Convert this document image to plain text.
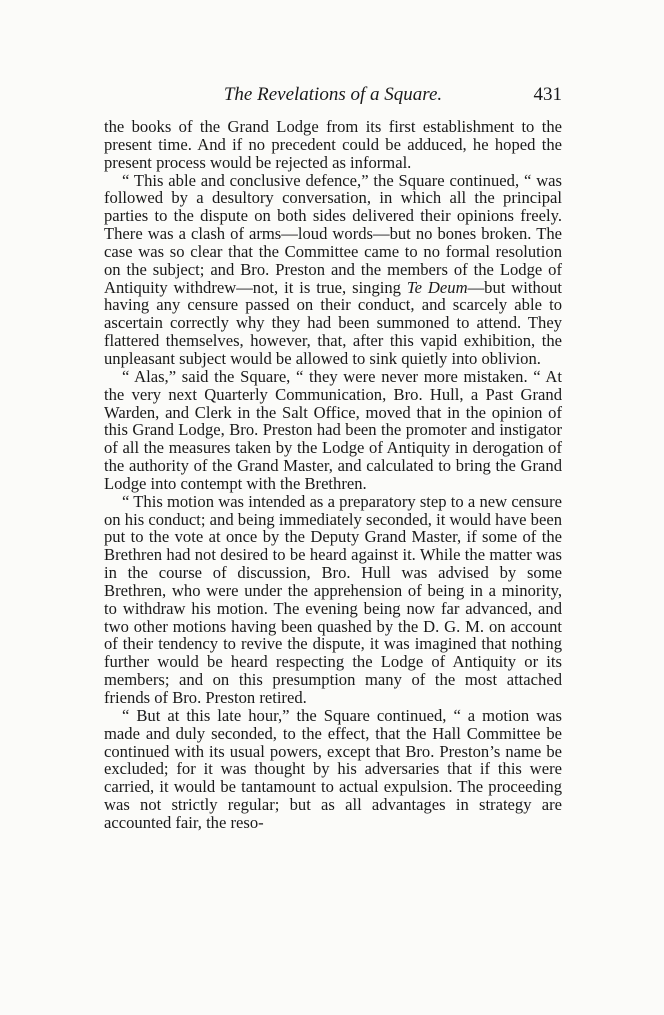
The Revelations of a Square.	431

the books of the Grand Lodge from its first establishment to the present time. And if no precedent could be adduced, he hoped the present process would be rejected as informal.

“ This able and conclusive defence,” the Square continued, “ was followed by a desultory conversation, in which all the principal parties to the dispute on both sides delivered their opinions freely. There was a clash of arms—loud words—but no bones broken. The case was so clear that the Committee came to no formal resolution on the subject; and Bro. Preston and the members of the Lodge of Antiquity withdrew—not, it is true, singing Te Deum—but without having any censure passed on their conduct, and scarcely able to ascertain correctly why they had been summoned to attend. They flattered themselves, however, that, after this vapid exhibition, the unpleasant subject would be allowed to sink quietly into oblivion.

“ Alas,” said the Square, “ they were never more mistaken. “ At the very next Quarterly Communication, Bro. Hull, a Past Grand Warden, and Clerk in the Salt Office, moved that in the opinion of this Grand Lodge, Bro. Preston had been the promoter and instigator of all the measures taken by the Lodge of Antiquity in derogation of the authority of the Grand Master, and calculated to bring the Grand Lodge into contempt with the Brethren.

“ This motion was intended as a preparatory step to a new censure on his conduct; and being immediately seconded, it would have been put to the vote at once by the Deputy Grand Master, if some of the Brethren had not desired to be heard against it. While the matter was in the course of discussion, Bro. Hull was advised by some Brethren, who were under the apprehension of being in a minority, to withdraw his motion. The evening being now far advanced, and two other motions having been quashed by the D. G. M. on account of their tendency to revive the dispute, it was imagined that nothing further would be heard respecting the Lodge of Antiquity or its members; and on this presumption many of the most attached friends of Bro. Preston retired.

“ But at this late hour,” the Square continued, “ a motion was made and duly seconded, to the effect, that the Hall Committee be continued with its usual powers, except that Bro. Preston’s name be excluded; for it was thought by his adversaries that if this were carried, it would be tantamount to actual expulsion. The proceeding was not strictly regular; but as all advantages in strategy are accounted fair, the reso-
